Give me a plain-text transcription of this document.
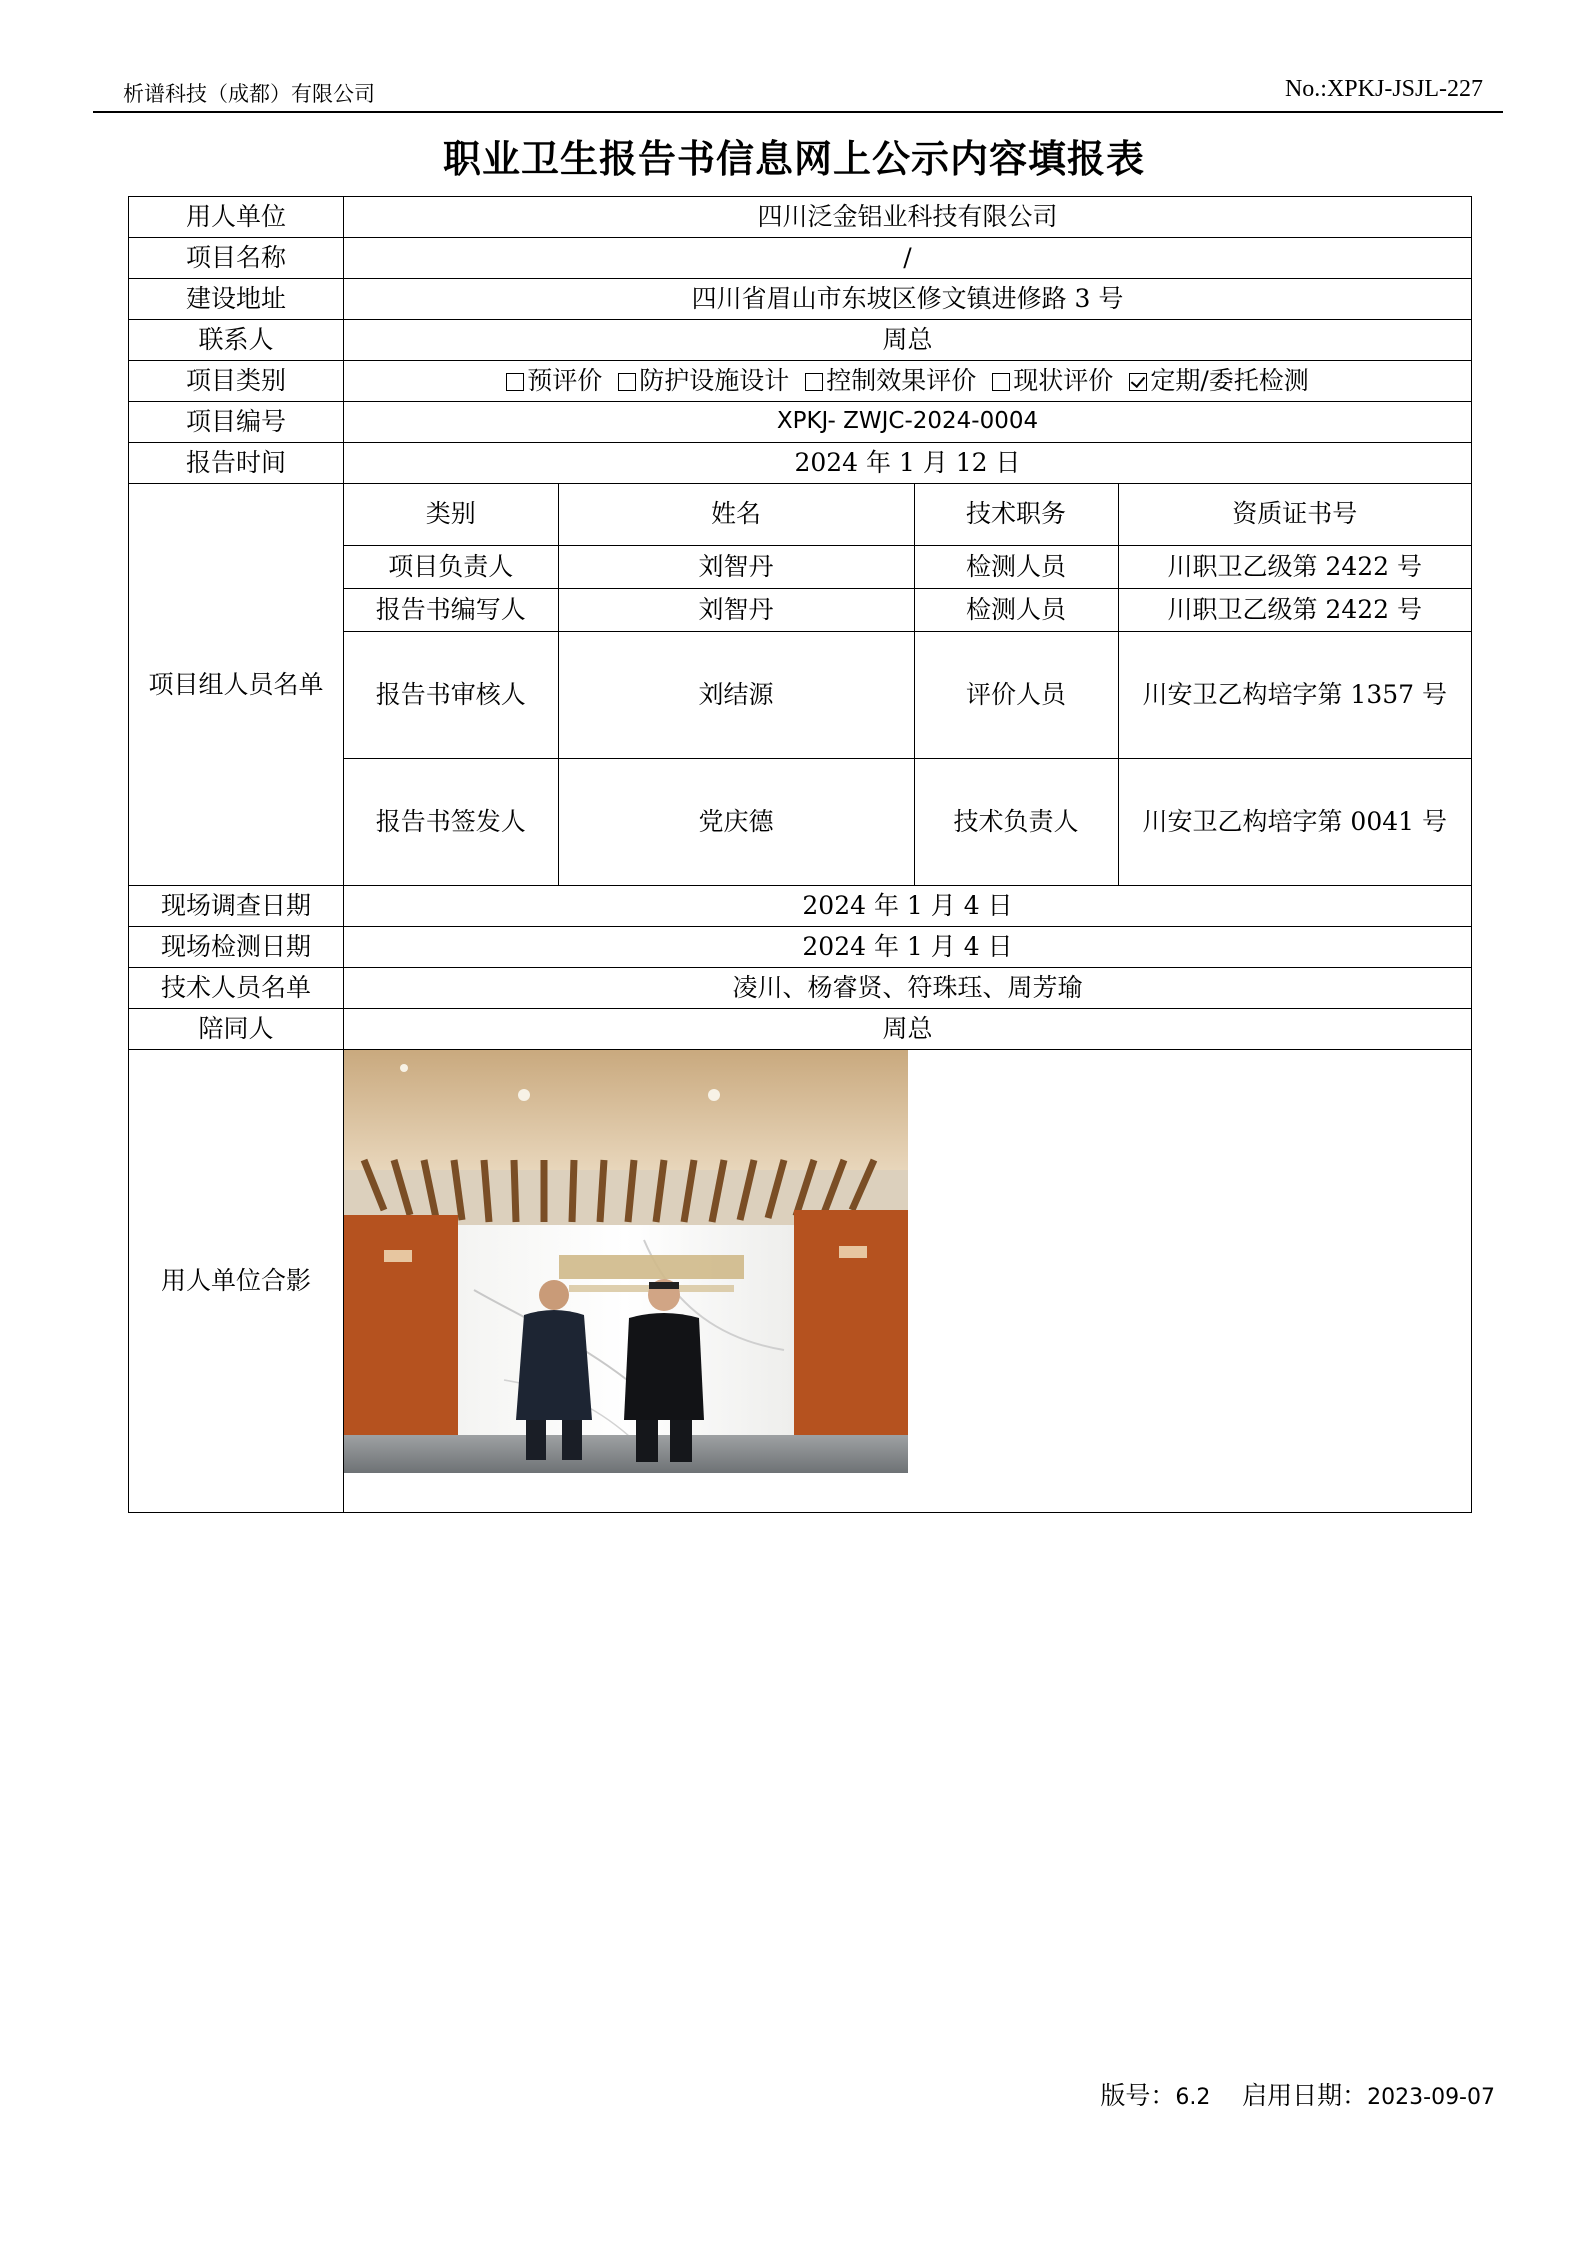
析谱科技（成都）有限公司	No.:XPKJ-JSJL-227
职业卫生报告书信息网上公示内容填报表
用人单位	四川泛金铝业科技有限公司
项目名称	/
建设地址	四川省眉山市东坡区修文镇进修路 3 号
联系人	周总
项目类别	预评价 防护设施设计 控制效果评价 现状评价 定期/委托检测
项目编号	XPKJ- ZWJC-2024-0004
报告时间	2024 年 1 月 12 日
项目组人员名单	
类别	姓名	技术职务	资质证书号
项目负责人	刘智丹	检测人员	川职卫乙级第 2422 号
报告书编写人	刘智丹	检测人员	川职卫乙级第 2422 号
报告书审核人	刘结源	评价人员	川安卫乙构培字第 1357 号
报告书签发人	党庆德	技术负责人	川安卫乙构培字第 0041 号

现场调查日期	2024 年 1 月 4 日
现场检测日期	2024 年 1 月 4 日
技术人员名单	凌川、杨睿贤、符珠珏、周芳瑜
陪同人	周总
用人单位合影	
版号：6.2 启用日期：2023-09-07
